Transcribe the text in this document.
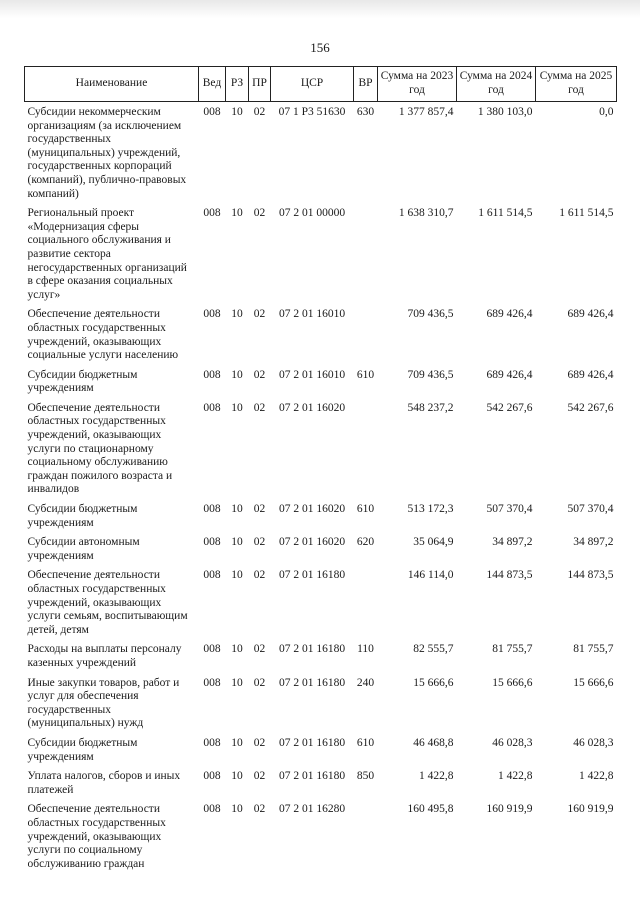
156
Наименование	Вед	РЗ	ПР	ЦСР	ВР	Сумма на 2023 год	Сумма на 2024 год	Сумма на 2025 год
Субсидии некоммерческим организациям (за исключением государственных (муниципальных) учреждений, государственных корпораций (компаний), публично-правовых компаний)	008	10	02	07 1 P3 51630	630	1 377 857,4	1 380 103,0	0,0
Региональный проект «Модернизация сферы социального обслуживания и развитие сектора негосударственных организаций в сфере оказания социальных услуг»	008	10	02	07 2 01 00000		1 638 310,7	1 611 514,5	1 611 514,5
Обеспечение деятельности областных государственных учреждений, оказывающих социальные услуги населению	008	10	02	07 2 01 16010		709 436,5	689 426,4	689 426,4
Субсидии бюджетным учреждениям	008	10	02	07 2 01 16010	610	709 436,5	689 426,4	689 426,4
Обеспечение деятельности областных государственных учреждений, оказывающих услуги по стационарному социальному обслуживанию граждан пожилого возраста и инвалидов	008	10	02	07 2 01 16020		548 237,2	542 267,6	542 267,6
Субсидии бюджетным учреждениям	008	10	02	07 2 01 16020	610	513 172,3	507 370,4	507 370,4
Субсидии автономным учреждениям	008	10	02	07 2 01 16020	620	35 064,9	34 897,2	34 897,2
Обеспечение деятельности областных государственных учреждений, оказывающих услуги семьям, воспитывающим детей, детям	008	10	02	07 2 01 16180		146 114,0	144 873,5	144 873,5
Расходы на выплаты персоналу казенных учреждений	008	10	02	07 2 01 16180	110	82 555,7	81 755,7	81 755,7
Иные закупки товаров, работ и услуг для обеспечения государственных (муниципальных) нужд	008	10	02	07 2 01 16180	240	15 666,6	15 666,6	15 666,6
Субсидии бюджетным учреждениям	008	10	02	07 2 01 16180	610	46 468,8	46 028,3	46 028,3
Уплата налогов, сборов и иных платежей	008	10	02	07 2 01 16180	850	1 422,8	1 422,8	1 422,8
Обеспечение деятельности областных государственных учреждений, оказывающих услуги по социальному обслуживанию граждан	008	10	02	07 2 01 16280		160 495,8	160 919,9	160 919,9
